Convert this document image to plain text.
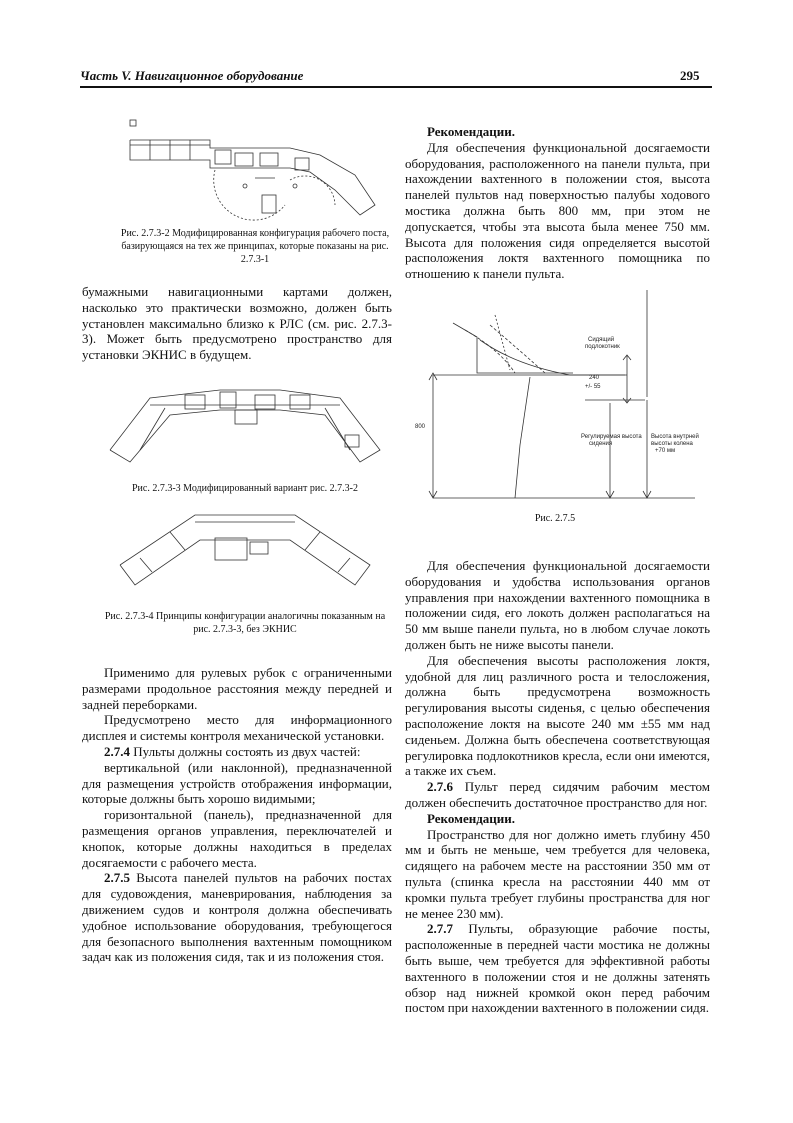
Часть V. Навигационное оборудование	295
Рис. 2.7.3-2 Модифицированная конфигурация рабочего поста, базирующаяся на тех же принципах, которые показаны на рис. 2.7.3-1

бумажными навигационными картами должен, насколько это практически возможно, должен быть установлен максимально близко к РЛС (см. рис. 2.7.3-3). Может быть предусмотрено пространство для установки ЭКНИС в будущем.

Рис. 2.7.3-3 Модифицированный вариант рис. 2.7.3-2
Рис. 2.7.3-4 Принципы конфигурации аналогичны показанным на рис. 2.7.3-3, без ЭКНИС

Применимо для рулевых рубок с ограниченными размерами продольное расстояния между передней и задней переборками.

Предусмотрено место для информационного дисплея и системы контроля механической установки.

2.7.4 Пульты должны состоять из двух частей:

вертикальной (или наклонной), предназначенной для размещения устройств отображения информации, которые должны быть хорошо видимыми;

горизонтальной (панель), предназначенной для размещения органов управления, переключателей и кнопок, которые должны находиться в пределах досягаемости с рабочего места.

2.7.5 Высота панелей пультов на рабочих постах для судовождения, маневрирования, наблюдения за движением судов и контроля должна обеспечивать удобное использование оборудования, требующегося для безопасного выполнения вахтенным помощником задач как из положения сидя, так и из положения стоя.

Рекомендации.

Для обеспечения функциональной досягаемости оборудования, расположенного на панели пульта, при нахождении вахтенного в положении стоя, высота панелей пультов над поверхностью палубы ходового мостика должна быть 800 мм, при этом не допускается, чтобы эта высота была менее 750 мм. Высота для положения сидя определяется высотой расположения локтя вахтенного помощника по отношению к панели пульта.

800
Сидящий
подлокотник
240
+/- 55
Регулируемая высота
сидения
Высота внутрней
высоты колена
+70 мм
Рис. 2.7.5

Для обеспечения функциональной досягаемости оборудования и удобства использования органов управления при нахождении вахтенного помощника в положении сидя, его локоть должен располагаться на 50 мм выше панели пульта, но в любом случае локоть должен быть не ниже высоты панели.

Для обеспечения высоты расположения локтя, удобной для лиц различного роста и телосложения, должна быть предусмотрена возможность регулирования высоты сиденья, с целью обеспечения расположение локтя на высоте 240 мм ±55 мм над сиденьем. Должна быть обеспечена соответствующая регулировка подлокотников кресла, если они имеются, а также их съем.

2.7.6 Пульт перед сидячим рабочим местом должен обеспечить достаточное пространство для ног.

Рекомендации.

Пространство для ног должно иметь глубину 450 мм и быть не меньше, чем требуется для человека, сидящего на рабочем месте на расстоянии 350 мм от пульта (спинка кресла на расстоянии 440 мм от кромки пульта требует глубины пространства для ног не менее 230 мм).

2.7.7 Пульты, образующие рабочие посты, расположенные в передней части мостика не должны быть выше, чем требуется для эффективной работы вахтенного в положении стоя и не должны затенять обзор над нижней кромкой окон перед рабочим постом при нахождении вахтенного в положении сидя.
